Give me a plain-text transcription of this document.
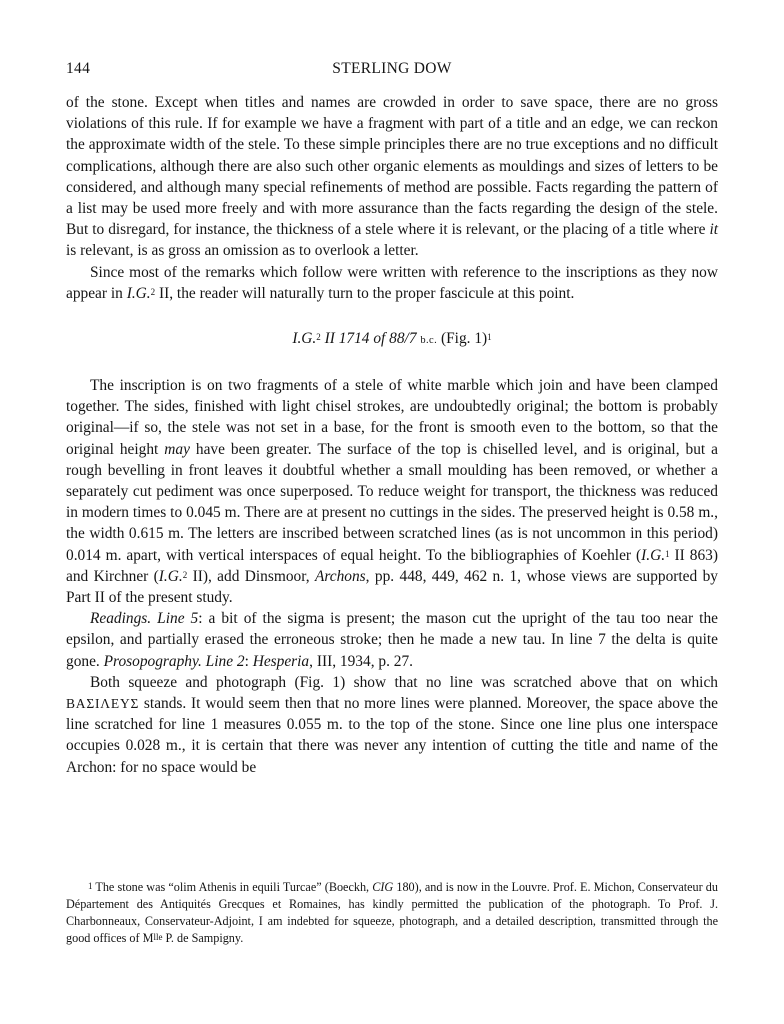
144	STERLING DOW

of the stone. Except when titles and names are crowded in order to save space, there are no gross violations of this rule. If for example we have a fragment with part of a title and an edge, we can reckon the approximate width of the stele. To these simple principles there are no true exceptions and no difficult complications, although there are also such other organic elements as mouldings and sizes of letters to be considered, and although many special refinements of method are possible. Facts regarding the pattern of a list may be used more freely and with more assurance than the facts regarding the design of the stele. But to disregard, for instance, the thickness of a stele where it is relevant, or the placing of a title where it is relevant, is as gross an omission as to overlook a letter.

Since most of the remarks which follow were written with reference to the inscriptions as they now appear in I.G.$^2$ II, the reader will naturally turn to the proper fascicule at this point.

I.G.$^2$ II 1714 of 88/7 b.c. (Fig. 1)$^1$

The inscription is on two fragments of a stele of white marble which join and have been clamped together. The sides, finished with light chisel strokes, are undoubtedly original; the bottom is probably original—if so, the stele was not set in a base, for the front is smooth even to the bottom, so that the original height may have been greater. The surface of the top is chiselled level, and is original, but a rough bevelling in front leaves it doubtful whether a small moulding has been removed, or whether a separately cut pediment was once superposed. To reduce weight for transport, the thickness was reduced in modern times to 0.045 m. There are at present no cuttings in the sides. The preserved height is 0.58 m., the width 0.615 m. The letters are inscribed between scratched lines (as is not uncommon in this period) 0.014 m. apart, with vertical interspaces of equal height. To the bibliographies of Koehler (I.G.$^1$ II 863) and Kirchner (I.G.$^2$ II), add Dinsmoor, Archons, pp. 448, 449, 462 n. 1, whose views are supported by Part II of the present study.

Readings. Line 5: a bit of the sigma is present; the mason cut the upright of the tau too near the epsilon, and partially erased the erroneous stroke; then he made a new tau. In line 7 the delta is quite gone. Prosopography. Line 2: Hesperia, III, 1934, p. 27.

Both squeeze and photograph (Fig. 1) show that no line was scratched above that on which ΒΑΣΙΛΕΥΣ stands. It would seem then that no more lines were planned. Moreover, the space above the line scratched for line 1 measures 0.055 m. to the top of the stone. Since one line plus one interspace occupies 0.028 m., it is certain that there was never any intention of cutting the title and name of the Archon: for no space would be

$^1$ The stone was “olim Athenis in equili Turcae” (Boeckh, CIG 180), and is now in the Louvre. Prof. E. Michon, Conservateur du Département des Antiquités Grecques et Romaines, has kindly permitted the publication of the photograph. To Prof. J. Charbonneaux, Conservateur-Adjoint, I am indebted for squeeze, photograph, and a detailed description, transmitted through the good offices of $M^{lle}$ P. de Sampigny.
